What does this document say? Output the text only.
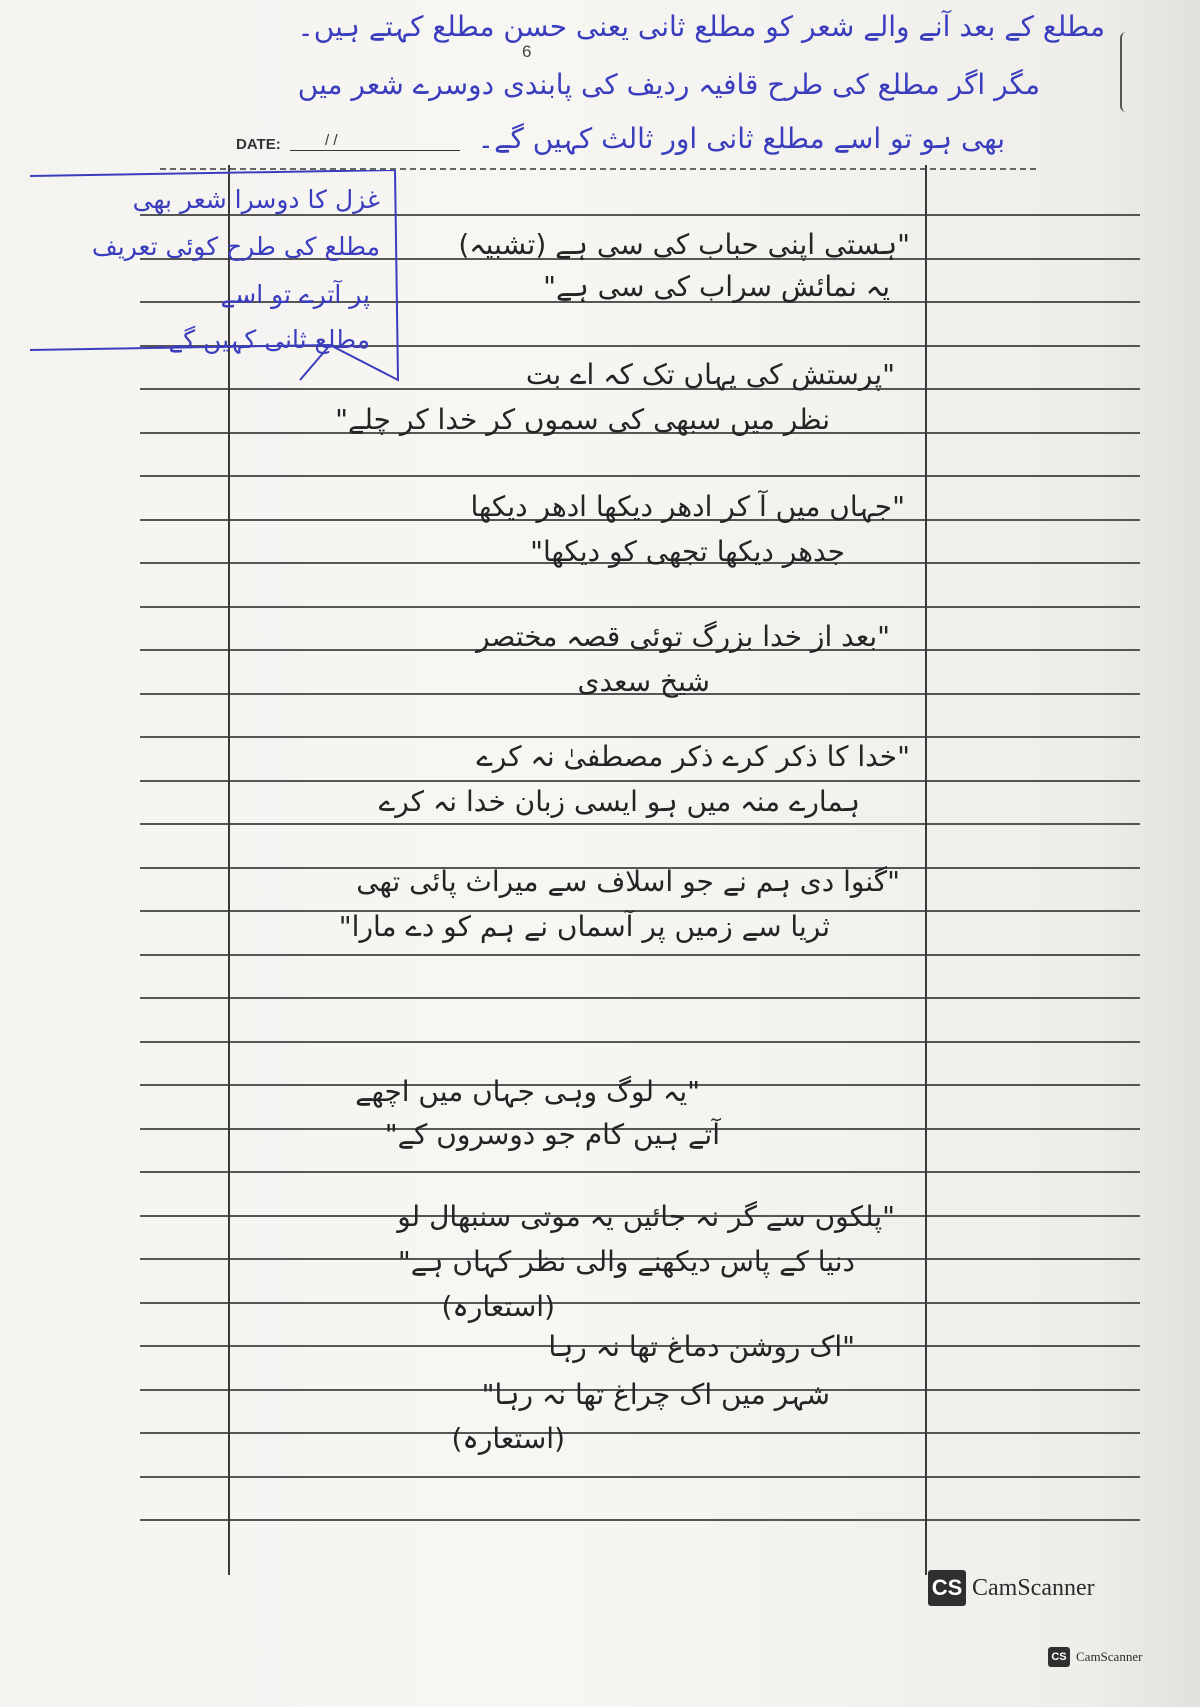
6
مطلع کے بعد آنے والے شعر کو مطلع ثانی یعنی حسن مطلع کہتے ہیں۔
مگر اگر مطلع کی طرح قافیہ ردیف کی پابندی دوسرے شعر میں
بھی ہو تو اسے مطلع ثانی اور ثالث کہیں گے۔
DATE:	/ /
غزل کا دوسرا شعر بھی
مطلع کی طرح کوئی تعریف
پر آترے تو اسے
مطلع ثانی کہیں گے۔
"ہستی اپنی حباب کی سی ہے (تشبیہ)
یہ نمائش سراب کی سی ہے"
"پرستش کی یہاں تک کہ اے بت
نظر میں سبھی کی سموں کر خدا کر چلے"
"جہاں میں آ کر ادھر دیکھا ادھر دیکھا
جدھر دیکھا تجھی کو دیکھا"
"بعد از خدا بزرگ توئی قصہ مختصر
شیخ سعدی
"خدا کا ذکر کرے ذکر مصطفیٰ نہ کرے
ہمارے منہ میں ہو ایسی زبان خدا نہ کرے
"گنوا دی ہم نے جو اسلاف سے میراث پائی تھی
ثریا سے زمیں پر آسماں نے ہم کو دے مارا"
"یہ لوگ وہی جہاں میں اچھے
آتے ہیں کام جو دوسروں کے"
"پلکوں سے گر نہ جائیں یہ موتی سنبھال لو
دنیا کے پاس دیکھنے والی نظر کہاں ہے"
(استعارہ)
"اک روشن دماغ تھا نہ رہا
شہر میں اک چراغ تھا نہ رہا"
(استعارہ)
CS CamScanner
CS CamScanner
